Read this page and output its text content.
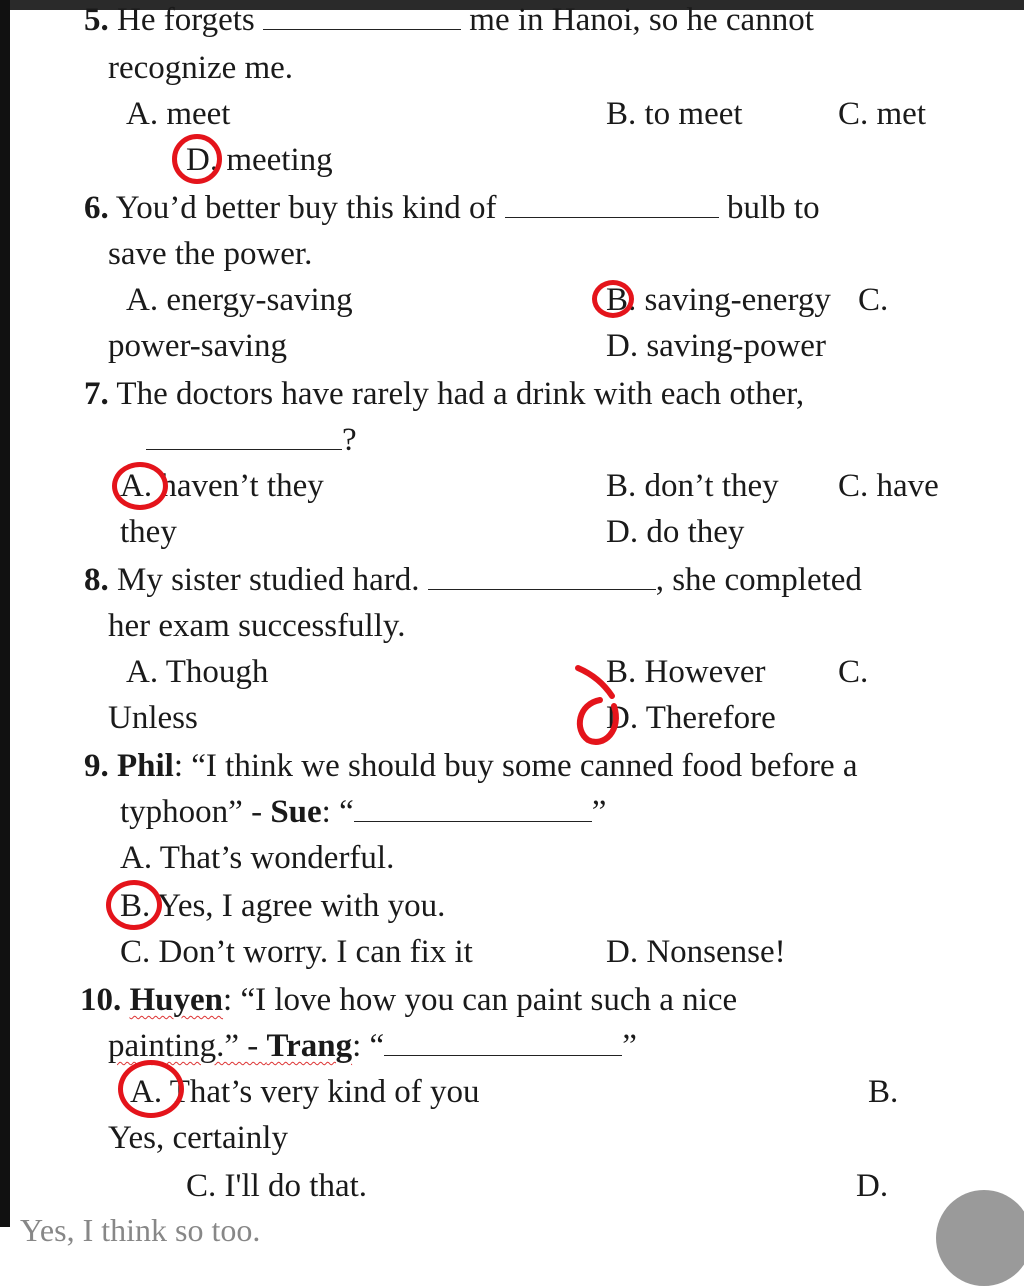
5. He forgets	me in Hanoi, so he cannot
recognize me.
A. meet	B. to meet	C. met
D. meeting
6. You’d better buy this kind of	bulb to
save the power.
A. energy-saving	B. saving-energy C.
power-saving	D. saving-power
7. The doctors have rarely had a drink with each other,
?
A. haven’t they	B. don’t they C. have
they	D. do they
8. My sister studied hard.	, she completed
her exam successfully.
A. Though	B. However C.
Unless	D. Therefore
9. Phil: “I think we should buy some canned food before a
typhoon” - Sue: “	”
A. That’s wonderful.
B. Yes, I agree with you.
C. Don’t worry. I can fix it	D. Nonsense!
10. Huyen: “I love how you can paint such a nice
painting.” - Trang: “	”
A. That’s very kind of you	B.
Yes, certainly
C. I'll do that.	D.
Yes, I think so too.
